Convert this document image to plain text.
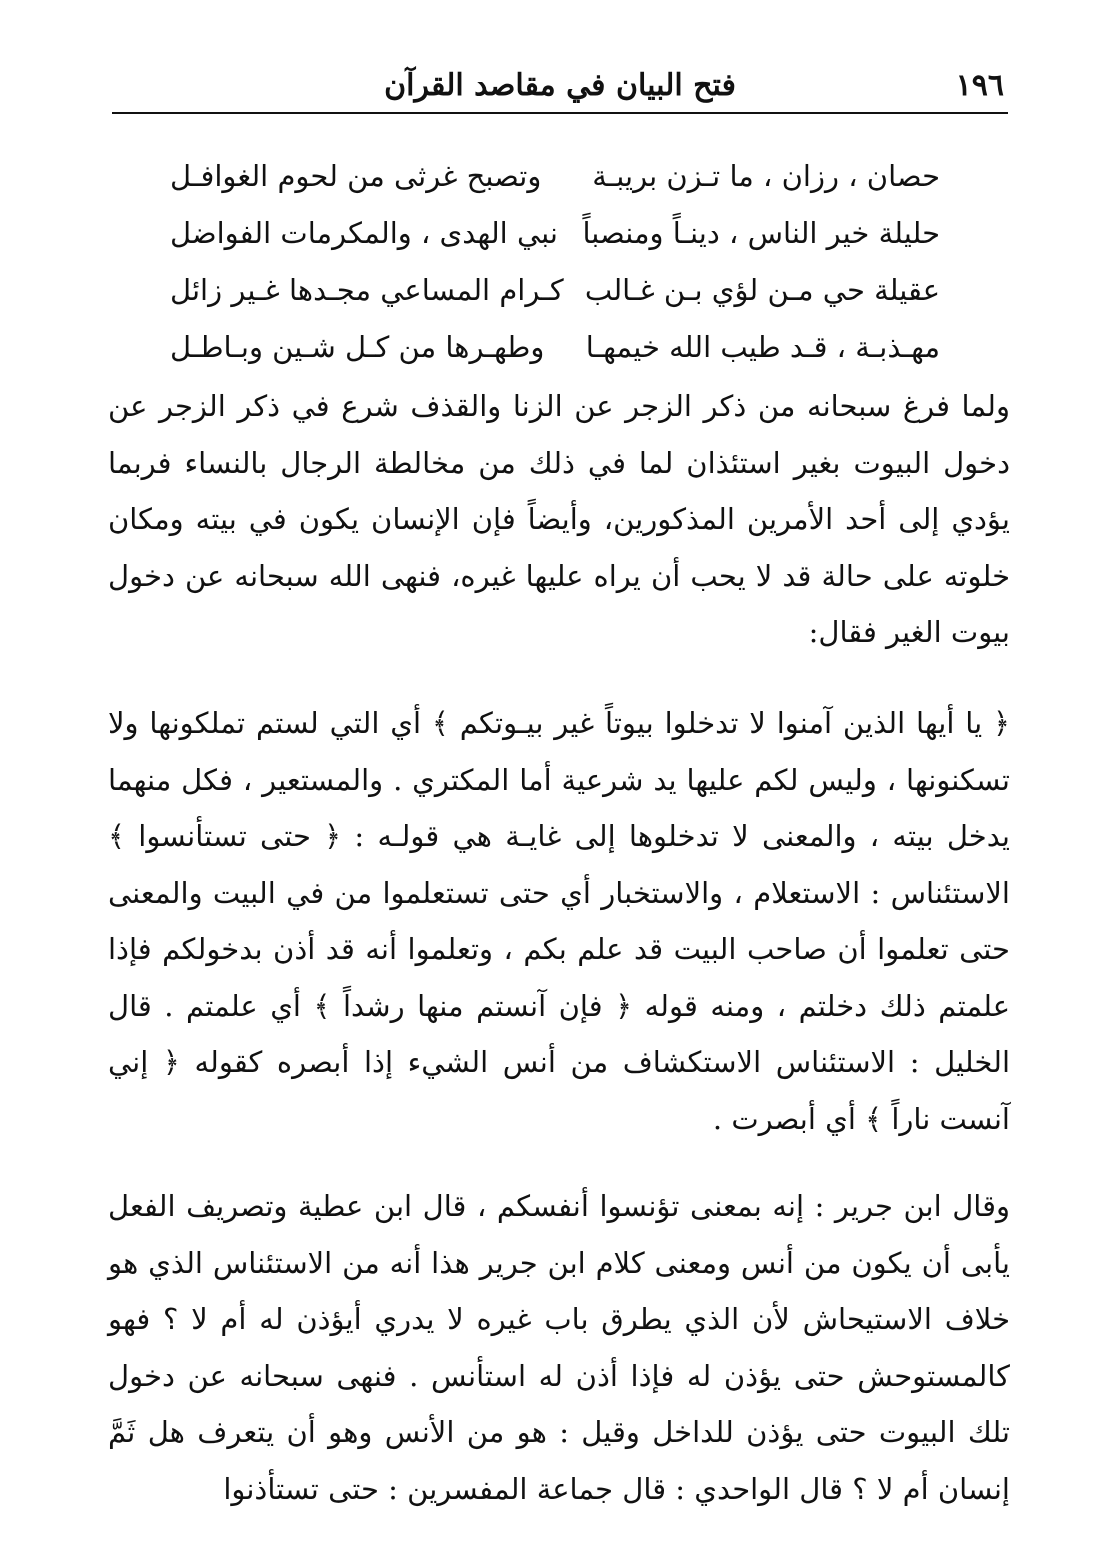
١٩٦
فتح البيان في مقاصد القرآن
حصان ، رزان ، ما تـزن بريبـة
وتصبح غرثى من لحوم الغوافـل
حليلة خير الناس ، دينـاً ومنصباً
نبي الهدى ، والمكرمات الفواضل
عقيلة حي مـن لؤي بـن غـالب
كـرام المساعي مجـدها غـير زائل
مهـذبـة ، قـد طيب الله خيمهـا
وطهـرها من كـل شـين وبـاطـل

ولما فرغ سبحانه من ذكر الزجر عن الزنا والقذف شرع في ذكر الزجر عن دخول البيوت بغير استئذان لما في ذلك من مخالطة الرجال بالنساء فربما يؤدي إلى أحد الأمرين المذكورين، وأيضاً فإن الإنسان يكون في بيته ومكان خلوته على حالة قد لا يحب أن يراه عليها غيره، فنهى الله سبحانه عن دخول بيوت الغير فقال:

﴿ يا أيها الذين آمنوا لا تدخلوا بيوتاً غير بيـوتكم ﴾ أي التي لستم تملكونها ولا تسكنونها ، وليس لكم عليها يد شرعية أما المكتري . والمستعير ، فكل منهما يدخل بيته ، والمعنى لا تدخلوها إلى غايـة هي قولـه : ﴿ حتى تستأنسوا ﴾ الاستئناس : الاستعلام ، والاستخبار أي حتى تستعلموا من في البيت والمعنى حتى تعلموا أن صاحب البيت قد علم بكم ، وتعلموا أنه قد أذن بدخولكم فإذا علمتم ذلك دخلتم ، ومنه قوله ﴿ فإن آنستم منها رشداً ﴾ أي علمتم . قال الخليل : الاستئناس الاستكشاف من أنس الشيء إذا أبصره كقوله ﴿ إني آنست ناراً ﴾ أي أبصرت .

وقال ابن جرير : إنه بمعنى تؤنسوا أنفسكم ، قال ابن عطية وتصريف الفعل يأبى أن يكون من أنس ومعنى كلام ابن جرير هذا أنه من الاستئناس الذي هو خلاف الاستيحاش لأن الذي يطرق باب غيره لا يدري أيؤذن له أم لا ؟ فهو كالمستوحش حتى يؤذن له فإذا أذن له استأنس . فنهى سبحانه عن دخول تلك البيوت حتى يؤذن للداخل وقيل : هو من الأنس وهو أن يتعرف هل ثَمَّ إنسان أم لا ؟ قال الواحدي : قال جماعة المفسرين : حتى تستأذنوا
